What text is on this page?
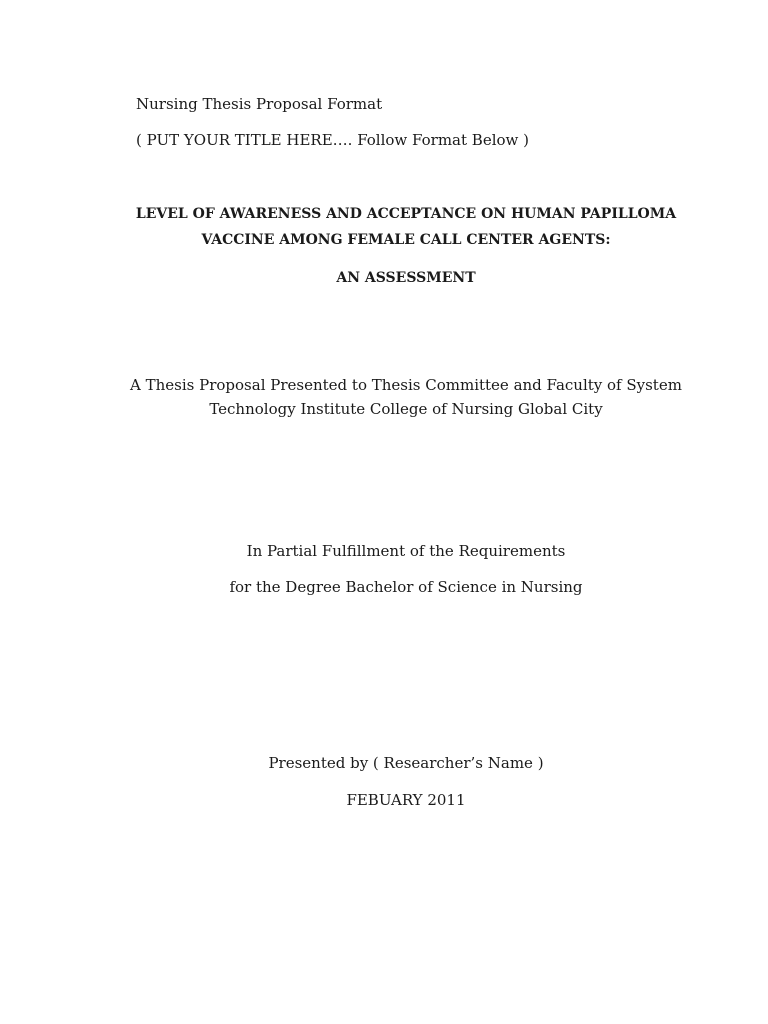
Nursing Thesis Proposal Format

( PUT YOUR TITLE HERE…. Follow Format Below )

LEVEL OF AWARENESS AND ACCEPTANCE ON HUMAN PAPILLOMA

VACCINE AMONG FEMALE CALL CENTER AGENTS:

AN ASSESSMENT

A Thesis Proposal Presented to Thesis Committee and Faculty of System

Technology Institute College of Nursing Global City

In Partial Fulfillment of the Requirements

for the Degree Bachelor of Science in Nursing

Presented by ( Researcher’s Name )

FEBUARY 2011
